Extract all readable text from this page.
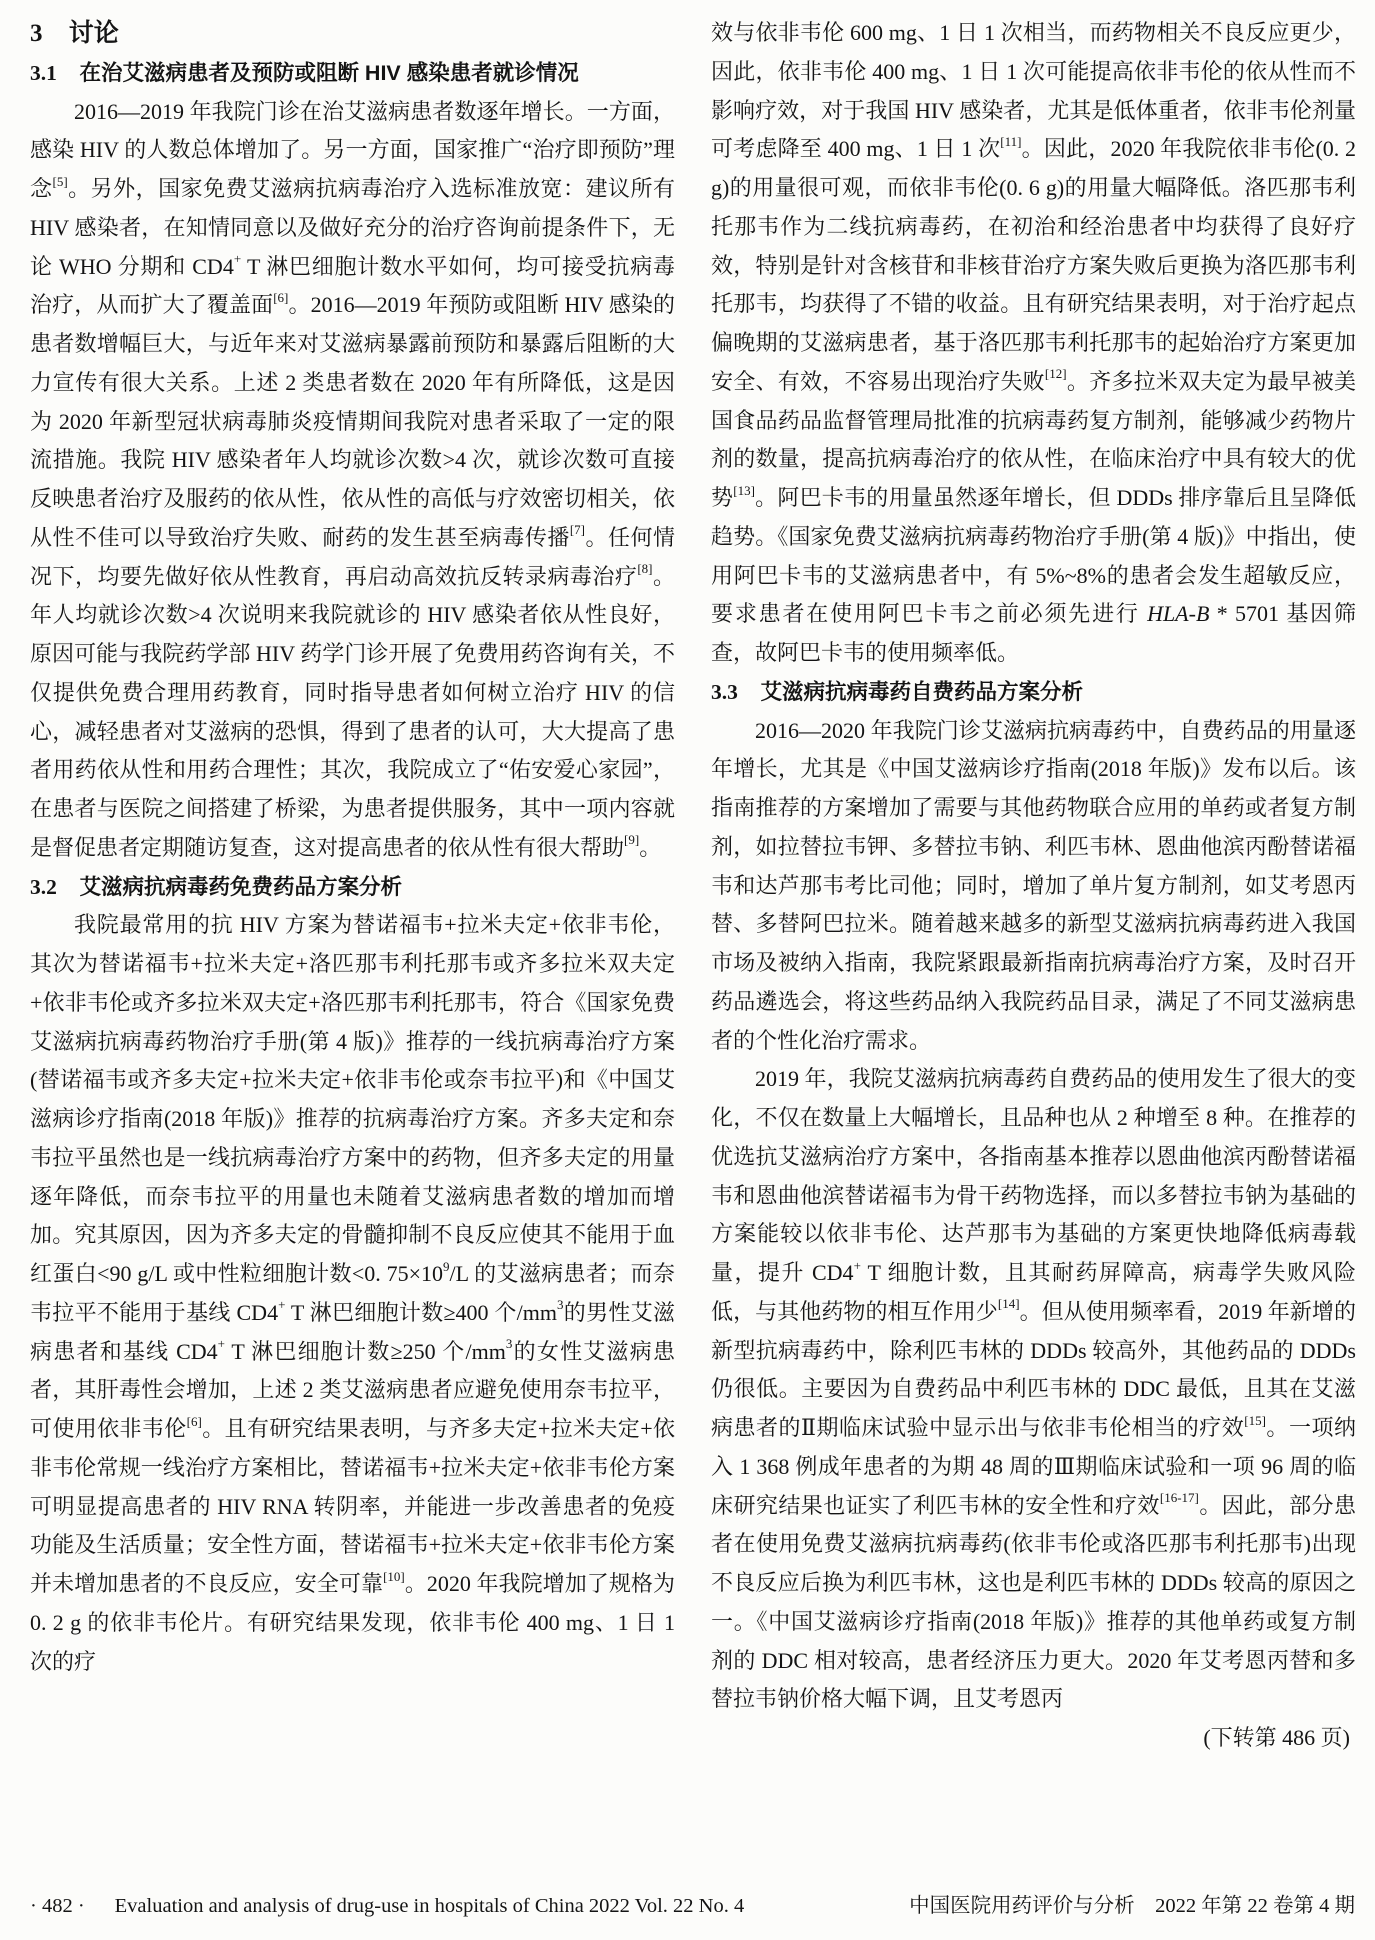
3 讨论
3.1 在治艾滋病患者及预防或阻断 HIV 感染患者就诊情况

2016—2019 年我院门诊在治艾滋病患者数逐年增长。一方面，感染 HIV 的人数总体增加了。另一方面，国家推广“治疗即预防”理念[5]。另外，国家免费艾滋病抗病毒治疗入选标准放宽：建议所有 HIV 感染者，在知情同意以及做好充分的治疗咨询前提条件下，无论 WHO 分期和 CD4+ T 淋巴细胞计数水平如何，均可接受抗病毒治疗，从而扩大了覆盖面[6]。2016—2019 年预防或阻断 HIV 感染的患者数增幅巨大，与近年来对艾滋病暴露前预防和暴露后阻断的大力宣传有很大关系。上述 2 类患者数在 2020 年有所降低，这是因为 2020 年新型冠状病毒肺炎疫情期间我院对患者采取了一定的限流措施。我院 HIV 感染者年人均就诊次数>4 次，就诊次数可直接反映患者治疗及服药的依从性，依从性的高低与疗效密切相关，依从性不佳可以导致治疗失败、耐药的发生甚至病毒传播[7]。任何情况下，均要先做好依从性教育，再启动高效抗反转录病毒治疗[8]。年人均就诊次数>4 次说明来我院就诊的 HIV 感染者依从性良好，原因可能与我院药学部 HIV 药学门诊开展了免费用药咨询有关，不仅提供免费合理用药教育，同时指导患者如何树立治疗 HIV 的信心，减轻患者对艾滋病的恐惧，得到了患者的认可，大大提高了患者用药依从性和用药合理性；其次，我院成立了“佑安爱心家园”，在患者与医院之间搭建了桥梁，为患者提供服务，其中一项内容就是督促患者定期随访复查，这对提高患者的依从性有很大帮助[9]。

3.2 艾滋病抗病毒药免费药品方案分析

我院最常用的抗 HIV 方案为替诺福韦+拉米夫定+依非韦伦，其次为替诺福韦+拉米夫定+洛匹那韦利托那韦或齐多拉米双夫定+依非韦伦或齐多拉米双夫定+洛匹那韦利托那韦，符合《国家免费艾滋病抗病毒药物治疗手册(第 4 版)》推荐的一线抗病毒治疗方案(替诺福韦或齐多夫定+拉米夫定+依非韦伦或奈韦拉平)和《中国艾滋病诊疗指南(2018 年版)》推荐的抗病毒治疗方案。齐多夫定和奈韦拉平虽然也是一线抗病毒治疗方案中的药物，但齐多夫定的用量逐年降低，而奈韦拉平的用量也未随着艾滋病患者数的增加而增加。究其原因，因为齐多夫定的骨髓抑制不良反应使其不能用于血红蛋白<90 g/L 或中性粒细胞计数<0. $75\times 10^9/L$ 的艾滋病患者；而奈韦拉平不能用于基线 CD4+ T 淋巴细胞计数≥400 个$/mm^3$的男性艾滋病患者和基线 CD4+ T 淋巴细胞计数≥250 个$/mm^3$的女性艾滋病患者，其肝毒性会增加，上述 2 类艾滋病患者应避免使用奈韦拉平，可使用依非韦伦[6]。且有研究结果表明，与齐多夫定+拉米夫定+依非韦伦常规一线治疗方案相比，替诺福韦+拉米夫定+依非韦伦方案可明显提高患者的 HIV RNA 转阴率，并能进一步改善患者的免疫功能及生活质量；安全性方面，替诺福韦+拉米夫定+依非韦伦方案并未增加患者的不良反应，安全可靠[10]。2020 年我院增加了规格为 0. 2 g 的依非韦伦片。有研究结果发现，依非韦伦 400 mg、1 日 1 次的疗

效与依非韦伦 600 mg、1 日 1 次相当，而药物相关不良反应更少，因此，依非韦伦 400 mg、1 日 1 次可能提高依非韦伦的依从性而不影响疗效，对于我国 HIV 感染者，尤其是低体重者，依非韦伦剂量可考虑降至 400 mg、1 日 1 次[11]。因此，2020 年我院依非韦伦(0. 2 g)的用量很可观，而依非韦伦(0. 6 g)的用量大幅降低。洛匹那韦利托那韦作为二线抗病毒药，在初治和经治患者中均获得了良好疗效，特别是针对含核苷和非核苷治疗方案失败后更换为洛匹那韦利托那韦，均获得了不错的收益。且有研究结果表明，对于治疗起点偏晚期的艾滋病患者，基于洛匹那韦利托那韦的起始治疗方案更加安全、有效，不容易出现治疗失败[12]。齐多拉米双夫定为最早被美国食品药品监督管理局批准的抗病毒药复方制剂，能够减少药物片剂的数量，提高抗病毒治疗的依从性，在临床治疗中具有较大的优势[13]。阿巴卡韦的用量虽然逐年增长，但 DDDs 排序靠后且呈降低趋势。《国家免费艾滋病抗病毒药物治疗手册(第 4 版)》中指出，使用阿巴卡韦的艾滋病患者中，有 5%~8%的患者会发生超敏反应，要求患者在使用阿巴卡韦之前必须先进行 HLA-B * 5701 基因筛查，故阿巴卡韦的使用频率低。

3.3 艾滋病抗病毒药自费药品方案分析

2016—2020 年我院门诊艾滋病抗病毒药中，自费药品的用量逐年增长，尤其是《中国艾滋病诊疗指南(2018 年版)》发布以后。该指南推荐的方案增加了需要与其他药物联合应用的单药或者复方制剂，如拉替拉韦钾、多替拉韦钠、利匹韦林、恩曲他滨丙酚替诺福韦和达芦那韦考比司他；同时，增加了单片复方制剂，如艾考恩丙替、多替阿巴拉米。随着越来越多的新型艾滋病抗病毒药进入我国市场及被纳入指南，我院紧跟最新指南抗病毒治疗方案，及时召开药品遴选会，将这些药品纳入我院药品目录，满足了不同艾滋病患者的个性化治疗需求。

2019 年，我院艾滋病抗病毒药自费药品的使用发生了很大的变化，不仅在数量上大幅增长，且品种也从 2 种增至 8 种。在推荐的优选抗艾滋病治疗方案中，各指南基本推荐以恩曲他滨丙酚替诺福韦和恩曲他滨替诺福韦为骨干药物选择，而以多替拉韦钠为基础的方案能较以依非韦伦、达芦那韦为基础的方案更快地降低病毒载量，提升 CD4+ T 细胞计数，且其耐药屏障高，病毒学失败风险低，与其他药物的相互作用少[14]。但从使用频率看，2019 年新增的新型抗病毒药中，除利匹韦林的 DDDs 较高外，其他药品的 DDDs 仍很低。主要因为自费药品中利匹韦林的 DDC 最低，且其在艾滋病患者的Ⅱ期临床试验中显示出与依非韦伦相当的疗效[15]。一项纳入 1 368 例成年患者的为期 48 周的Ⅲ期临床试验和一项 96 周的临床研究结果也证实了利匹韦林的安全性和疗效[16-17]。因此，部分患者在使用免费艾滋病抗病毒药(依非韦伦或洛匹那韦利托那韦)出现不良反应后换为利匹韦林，这也是利匹韦林的 DDDs 较高的原因之一。《中国艾滋病诊疗指南(2018 年版)》推荐的其他单药或复方制剂的 DDC 相对较高，患者经济压力更大。2020 年艾考恩丙替和多替拉韦钠价格大幅下调，且艾考恩丙

(下转第 486 页)

· 482 · Evaluation and analysis of drug-use in hospitals of China 2022 Vol. 22 No. 4	中国医院用药评价与分析　2022 年第 22 卷第 4 期
